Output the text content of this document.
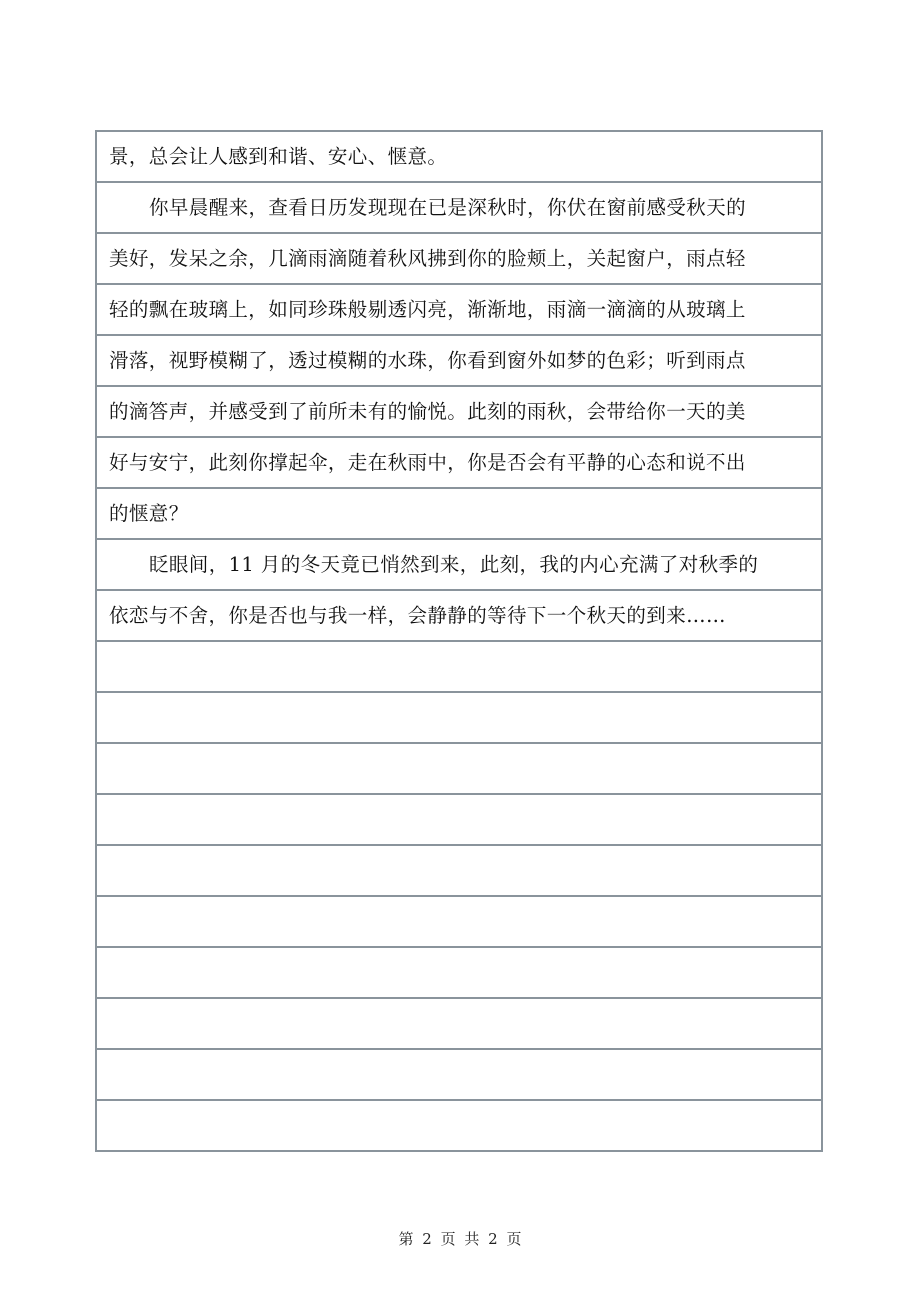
景，总会让人感到和谐、安心、惬意。
你早晨醒来，查看日历发现现在已是深秋时，你伏在窗前感受秋天的
美好，发呆之余，几滴雨滴随着秋风拂到你的脸颊上，关起窗户，雨点轻
轻的飘在玻璃上，如同珍珠般剔透闪亮，渐渐地，雨滴一滴滴的从玻璃上
滑落，视野模糊了，透过模糊的水珠，你看到窗外如梦的色彩；听到雨点
的滴答声，并感受到了前所未有的愉悦。此刻的雨秋，会带给你一天的美
好与安宁，此刻你撑起伞，走在秋雨中，你是否会有平静的心态和说不出
的惬意？
眨眼间，11 月的冬天竟已悄然到来，此刻，我的内心充满了对秋季的
依恋与不舍，你是否也与我一样，会静静的等待下一个秋天的到来……
第 2 页 共 2 页
